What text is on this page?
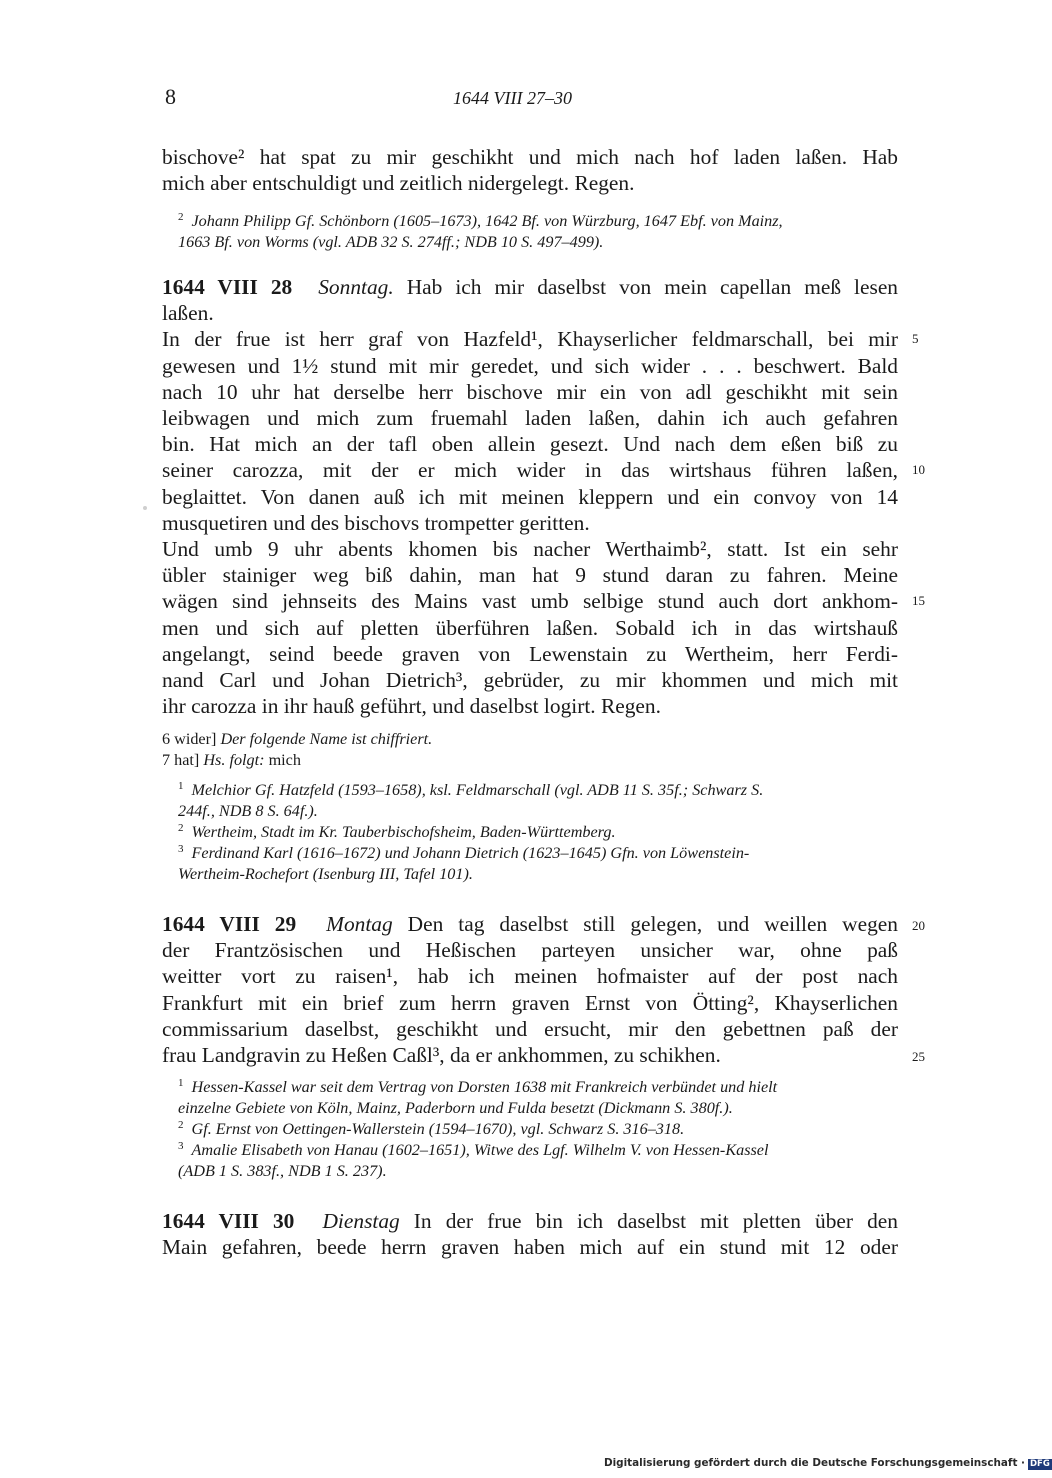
8	1644 VIII 27–30
bischove² hat spat zu mir geschikht und mich nach hof laden laßen. Hab
mich aber entschuldigt und zeitlich nidergelegt. Regen.
$^2$ Johann Philipp Gf. Schönborn (1605–1673), 1642 Bf. von Würzburg, 1647 Ebf. von Mainz,
1663 Bf. von Worms (vgl. ADB 32 S. 274ff.; NDB 10 S. 497–499).
1644 VIII 28 Sonntag. Hab ich mir daselbst von mein capellan meß lesen
laßen.
In der frue ist herr graf von Hazfeld¹, Khayserlicher feldmarschall, bei mir
gewesen und 1½ stund mit mir geredet, und sich wider . . . beschwert. Bald
nach 10 uhr hat derselbe herr bischove mir ein von adl geschikht mit sein
leibwagen und mich zum fruemahl laden laßen, dahin ich auch gefahren
bin. Hat mich an der tafl oben allein gesezt. Und nach dem eßen biß zu
seiner carozza, mit der er mich wider in das wirtshaus führen laßen,
beglaittet. Von danen auß ich mit meinen kleppern und ein convoy von 14
musquetiren und des bischovs trompetter geritten.
Und umb 9 uhr abents khomen bis nacher Werthaimb², statt. Ist ein sehr
übler stainiger weg biß dahin, man hat 9 stund daran zu fahren. Meine
wägen sind jehnseits des Mains vast umb selbige stund auch dort ankhom-
men und sich auf pletten überführen laßen. Sobald ich in das wirtshauß
angelangt, seind beede graven von Lewenstain zu Wertheim, herr Ferdi-
nand Carl und Johan Dietrich³, gebrüder, zu mir khommen und mich mit
ihr carozza in ihr hauß geführt, und daselbst logirt. Regen.
6 wider] Der folgende Name ist chiffriert.
7 hat] Hs. folgt: mich
$^1$ Melchior Gf. Hatzfeld (1593–1658), ksl. Feldmarschall (vgl. ADB 11 S. 35f.; Schwarz S.
244f., NDB 8 S. 64f.).
$^2$ Wertheim, Stadt im Kr. Tauberbischofsheim, Baden-Württemberg.
$^3$ Ferdinand Karl (1616–1672) und Johann Dietrich (1623–1645) Gfn. von Löwenstein-
Wertheim-Rochefort (Isenburg III, Tafel 101).
1644 VIII 29 Montag Den tag daselbst still gelegen, und weillen wegen
der Frantzösischen und Heßischen parteyen unsicher war, ohne paß
weitter vort zu raisen¹, hab ich meinen hofmaister auf der post nach
Frankfurt mit ein brief zum herrn graven Ernst von Ötting², Khayserlichen
commissarium daselbst, geschikht und ersucht, mir den gebettnen paß der
frau Landgravin zu Heßen Caßl³, da er ankhommen, zu schikhen.
$^1$ Hessen-Kassel war seit dem Vertrag von Dorsten 1638 mit Frankreich verbündet und hielt
einzelne Gebiete von Köln, Mainz, Paderborn und Fulda besetzt (Dickmann S. 380f.).
$^2$ Gf. Ernst von Oettingen-Wallerstein (1594–1670), vgl. Schwarz S. 316–318.
$^3$ Amalie Elisabeth von Hanau (1602–1651), Witwe des Lgf. Wilhelm V. von Hessen-Kassel
(ADB 1 S. 383f., NDB 1 S. 237).
1644 VIII 30 Dienstag In der frue bin ich daselbst mit pletten über den
Main gefahren, beede herrn graven haben mich auf ein stund mit 12 oder
5
10
15
20
25
Digitalisierung gefördert durch die Deutsche Forschungsgemeinschaft · DFG
